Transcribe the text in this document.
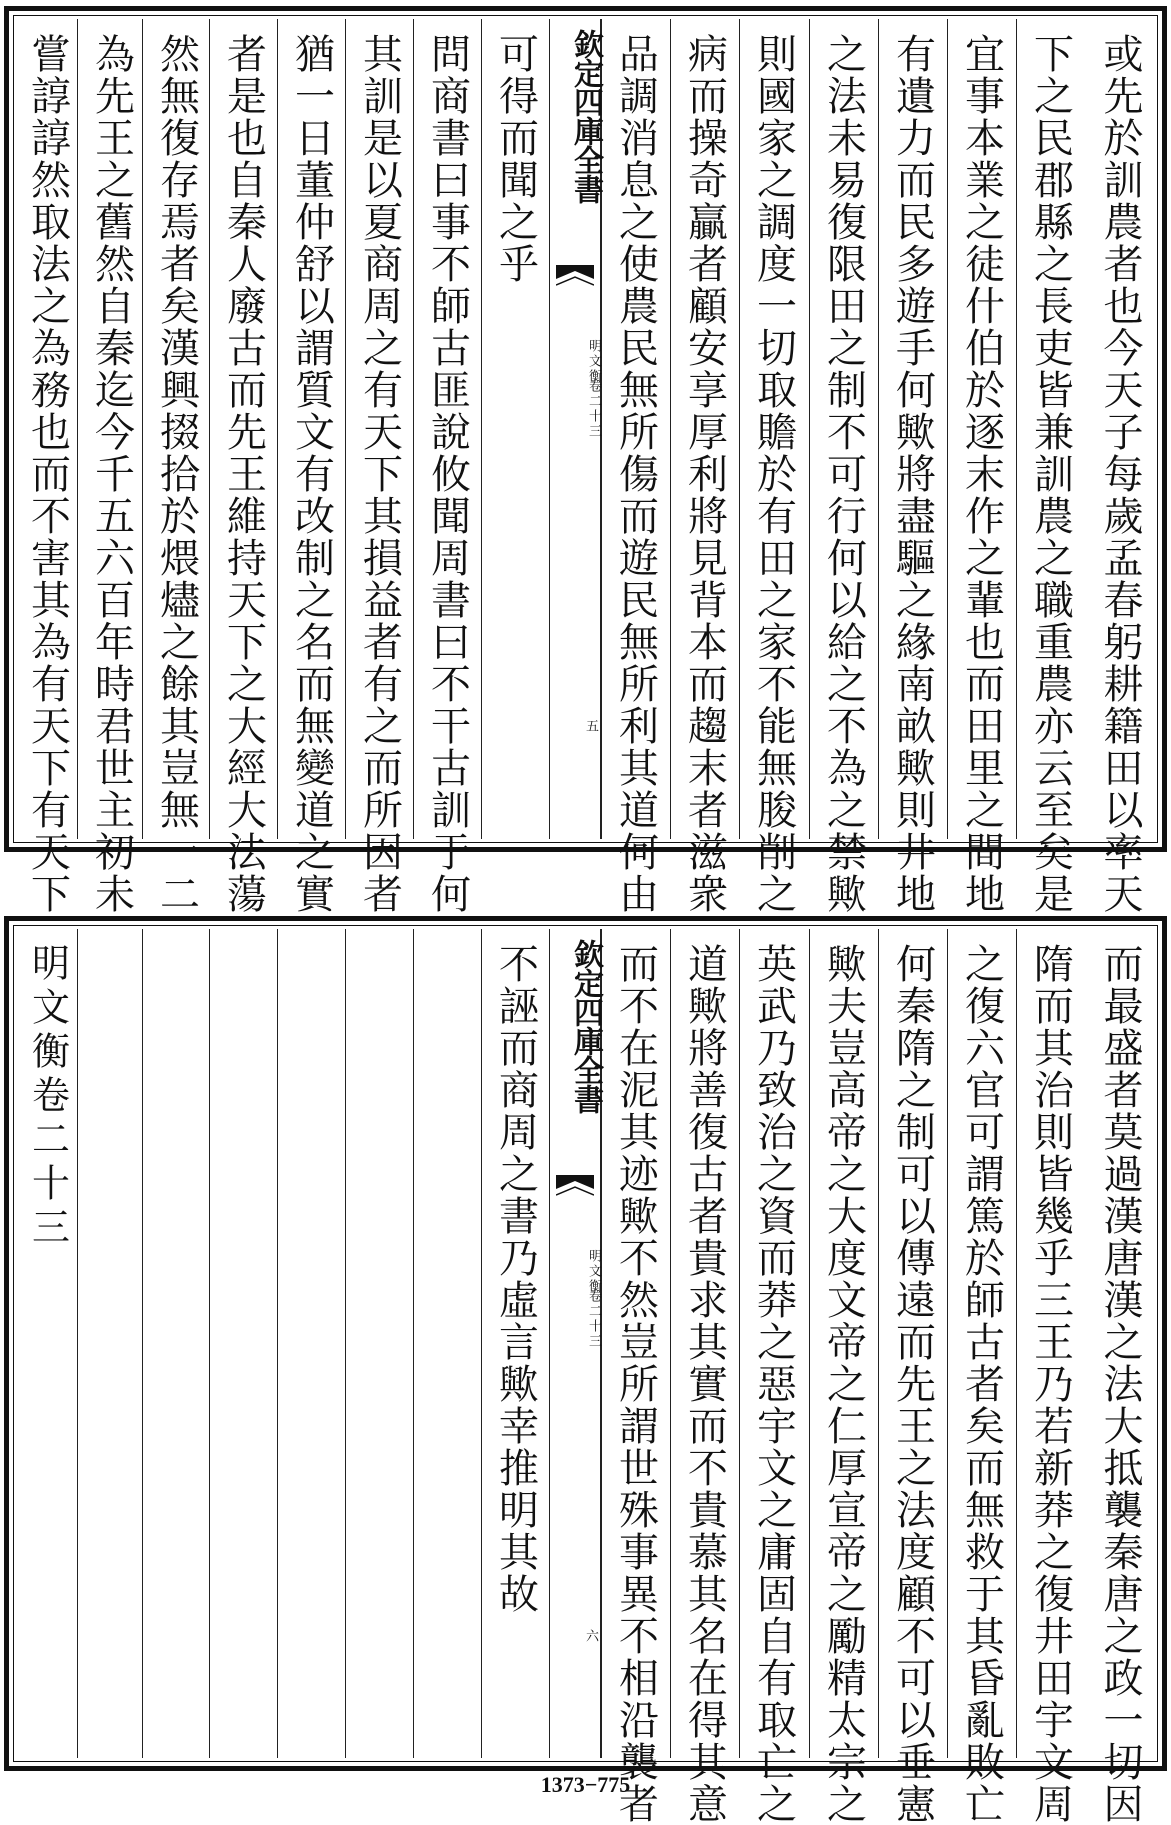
或先於訓農者也今天子每歲孟春躬耕籍田以率天
下之民郡縣之長吏皆兼訓農之職重農亦云至矣是
宜事本業之徒什伯於逐末作之輩也而田里之間地
有遺力而民多遊手何歟將盡驅之緣南畝歟則井地
之法未易復限田之制不可行何以給之不為之禁歟
則國家之調度一切取贍於有田之家不能無朘削之
病而操奇贏者顧安享厚利將見背本而趨末者滋衆
品調消息之使農民無所傷而遊民無所利其道何由
欽定四庫全書
明文衡
卷二十三
五
可得而聞之乎
問商書曰事不師古匪說攸聞周書曰不干古訓于何
其訓是以夏商周之有天下其損益者有之而所因者
猶一日董仲舒以謂質文有改制之名而無變道之實
者是也自秦人廢古而先王維持天下之大經大法蕩
然無復存焉者矣漢興掇拾於煨燼之餘其豈無一二
為先王之舊然自秦迄今千五六百年時君世主初未
嘗諄諄然取法之為務也而不害其為有天下有天下
而最盛者莫過漢唐漢之法大抵襲秦唐之政一切因
隋而其治則皆幾乎三王乃若新莽之復井田宇文周
之復六官可謂篤於師古者矣而無救于其昏亂敗亡
何秦隋之制可以傳遠而先王之法度顧不可以垂憲
歟夫豈高帝之大度文帝之仁厚宣帝之勵精太宗之
英武乃致治之資而莽之惡宇文之庸固自有取亡之
道歟將善復古者貴求其實而不貴慕其名在得其意
而不在泥其迹歟不然豈所謂世殊事異不相沿襲者
欽定四庫全書
明文衡
卷二十三
六
不誣而商周之書乃虛言歟幸推明其故
明文衡卷二十三
1373−775
